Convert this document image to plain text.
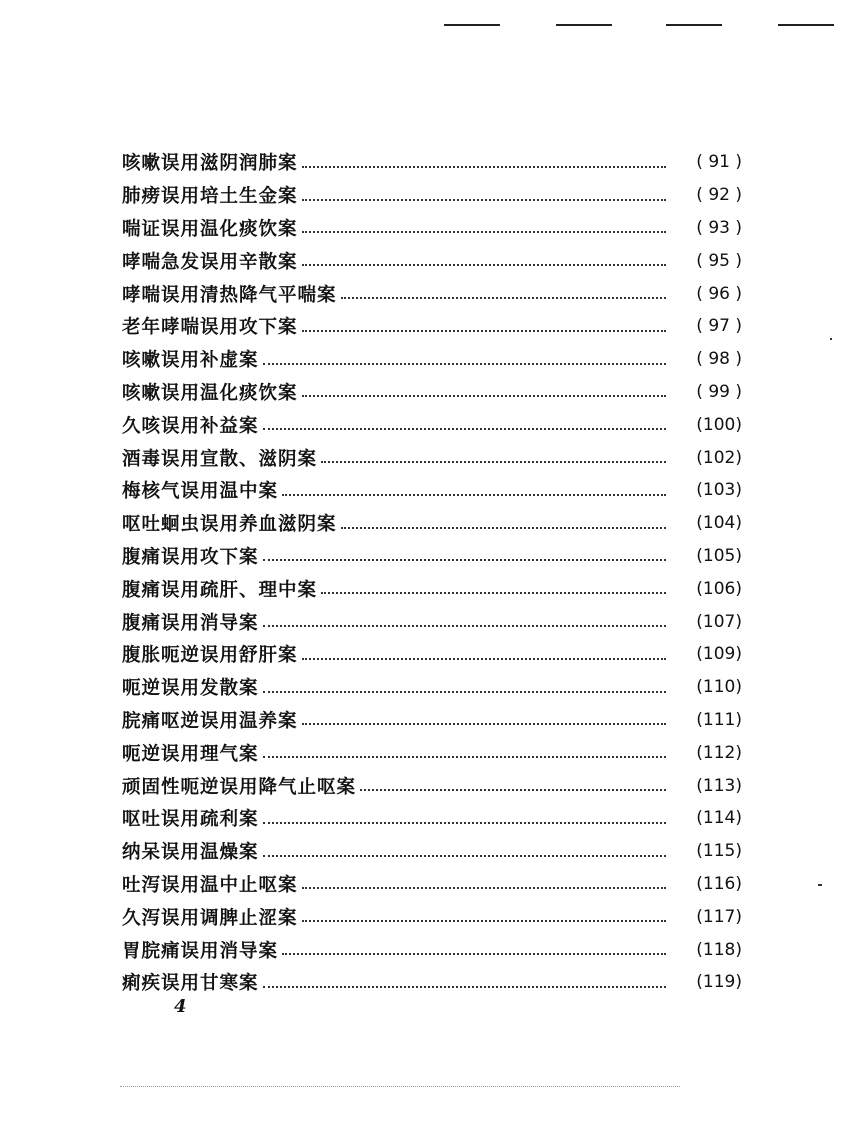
咳嗽误用滋阴润肺案	( 91 )
肺痨误用培土生金案	( 92 )
喘证误用温化痰饮案	( 93 )
哮喘急发误用辛散案	( 95 )
哮喘误用清热降气平喘案	( 96 )
老年哮喘误用攻下案	( 97 )
咳嗽误用补虚案	( 98 )
咳嗽误用温化痰饮案	( 99 )
久咳误用补益案	(100)
酒毒误用宣散、滋阴案	(102)
梅核气误用温中案	(103)
呕吐蛔虫误用养血滋阴案	(104)
腹痛误用攻下案	(105)
腹痛误用疏肝、理中案	(106)
腹痛误用消导案	(107)
腹胀呃逆误用舒肝案	(109)
呃逆误用发散案	(110)
脘痛呕逆误用温养案	(111)
呃逆误用理气案	(112)
顽固性呃逆误用降气止呕案	(113)
呕吐误用疏利案	(114)
纳呆误用温燥案	(115)
吐泻误用温中止呕案	(116)
久泻误用调脾止涩案	(117)
胃脘痛误用消导案	(118)
痢疾误用甘寒案	(119)
4
